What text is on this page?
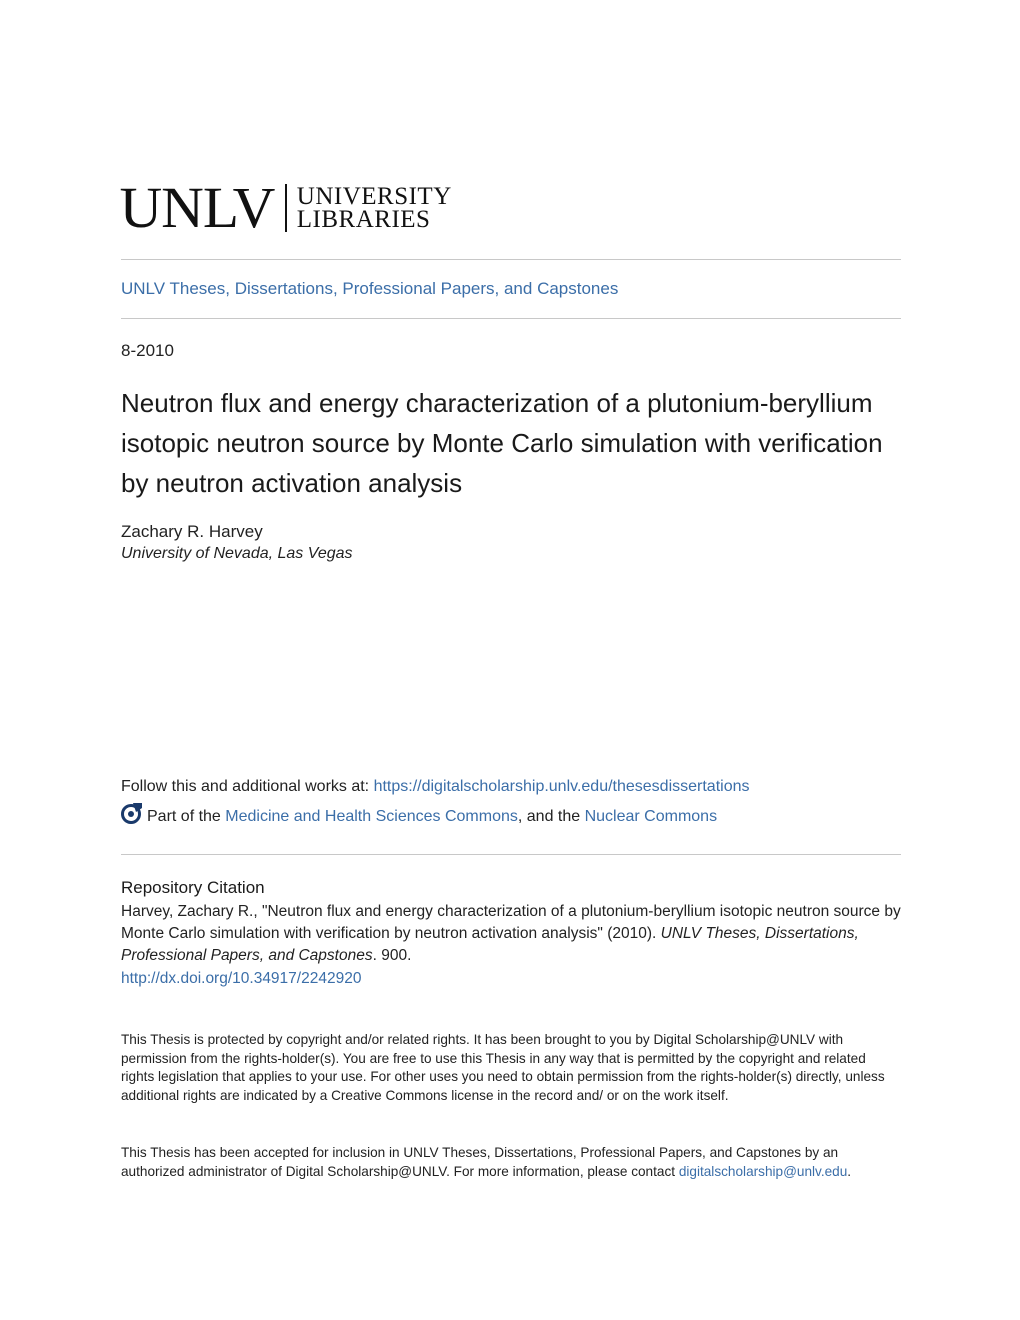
UNLV UNIVERSITY
LIBRARIES
UNLV Theses, Dissertations, Professional Papers, and Capstones
8-2010
Neutron flux and energy characterization of a plutonium-beryllium isotopic neutron source by Monte Carlo simulation with verification by neutron activation analysis
Zachary R. Harvey
University of Nevada, Las Vegas
Follow this and additional works at: https://digitalscholarship.unlv.edu/thesesdissertations
Part of the
Medicine and Health Sciences Commons , and the Nuclear Commons
Repository Citation
Harvey, Zachary R., "Neutron flux and energy characterization of a plutonium-beryllium isotopic neutron source by Monte Carlo simulation with verification by neutron activation analysis" (2010). UNLV Theses, Dissertations, Professional Papers, and Capstones. 900.
http://dx.doi.org/10.34917/2242920
This Thesis is protected by copyright and/or related rights. It has been brought to you by Digital Scholarship@UNLV with permission from the rights-holder(s). You are free to use this Thesis in any way that is permitted by the copyright and related rights legislation that applies to your use. For other uses you need to obtain permission from the rights-holder(s) directly, unless additional rights are indicated by a Creative Commons license in the record and/ or on the work itself.
This Thesis has been accepted for inclusion in UNLV Theses, Dissertations, Professional Papers, and Capstones by an authorized administrator of Digital Scholarship@UNLV. For more information, please contact digitalscholarship@unlv.edu.
